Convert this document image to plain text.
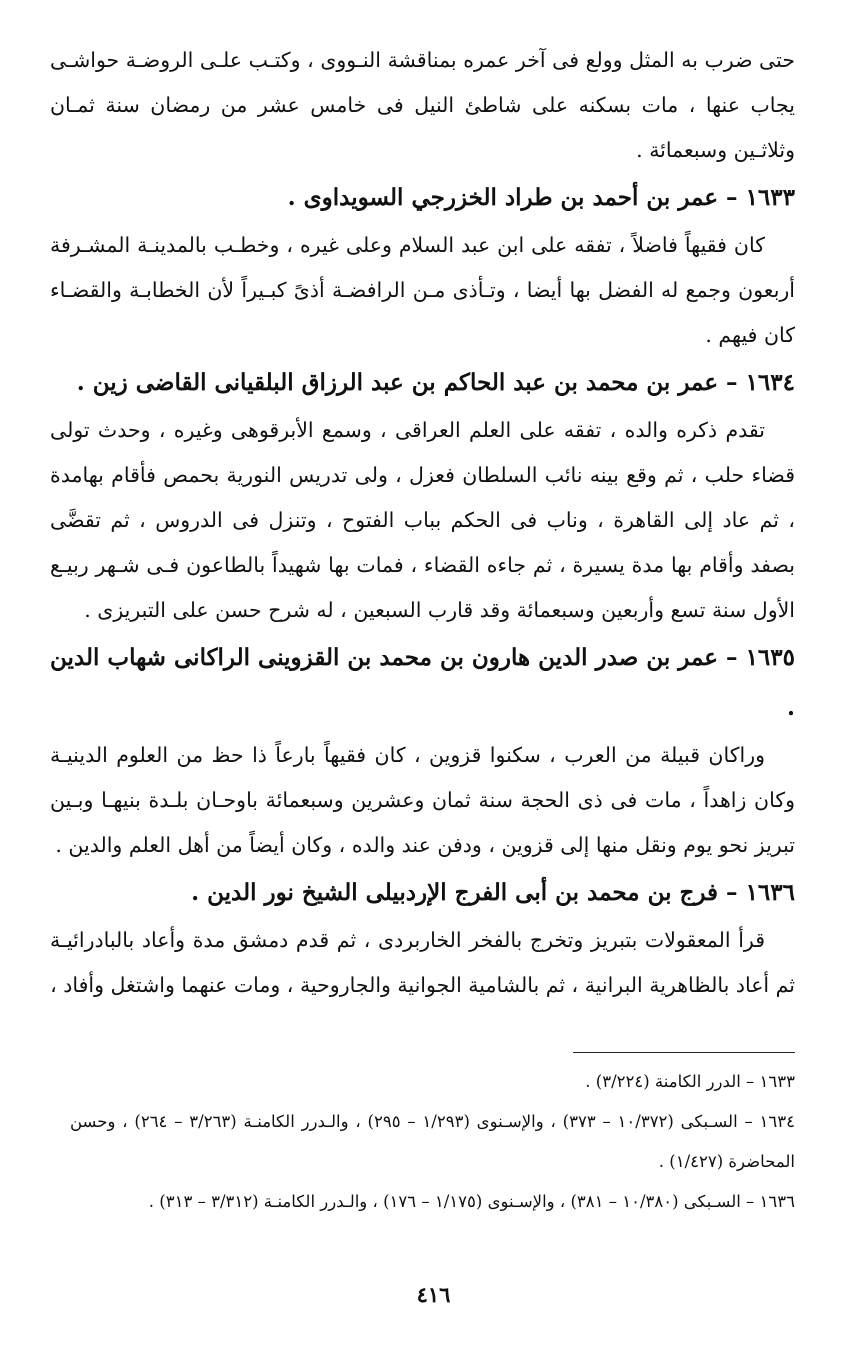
حتى ضرب به المثل وولع فى آخر عمره بمناقشة النـووى ، وكتـب علـى الروضـة حواشـى يجاب عنها ، مات بسكنه على شاطئ النيل فى خامس عشر من رمضان سنة ثمـان وثلاثـين وسبعمائة .

١٦٣٣ – عمر بن أحمد بن طراد الخزرجي السويداوى .

كان فقيهاً فاضلاً ، تفقه على ابن عبد السلام وعلى غيره ، وخطـب بالمدينـة المشـرفة أربعون وجمع له الفضل بها أيضا ، وتـأذى مـن الرافضـة أذىً كبـيراً لأن الخطابـة والقضـاء كان فيهم .

١٦٣٤ – عمر بن محمد بن عبد الحاكم بن عبد الرزاق البلقيانى القاضى زين .

تقدم ذكره والده ، تفقه على العلم العراقى ، وسمع الأبرقوهى وغيره ، وحدث تولى قضاء حلب ، ثم وقع بينه نائب السلطان فعزل ، ولى تدريس النورية بحمص فأقام بهامدة ، ثم عاد إلى القاهرة ، وناب فى الحكم بباب الفتوح ، وتنزل فى الدروس ، ثم تقضَّى بصفد وأقام بها مدة يسيرة ، ثم جاءه القضاء ، فمات بها شهيداً بالطاعون فـى شـهر ربيـع الأول سنة تسع وأربعين وسبعمائة وقد قارب السبعين ، له شرح حسن على التبريزى .

١٦٣٥ – عمر بن صدر الدين هارون بن محمد بن القزوينى الراكانى شهاب الدين .

وراكان قبيلة من العرب ، سكنوا قزوين ، كان فقيهاً بارعاً ذا حظ من العلوم الدينيـة وكان زاهداً ، مات فى ذى الحجة سنة ثمان وعشرين وسبعمائة باوحـان بلـدة بنيهـا وبـين تبريز نحو يوم ونقل منها إلى قزوين ، ودفن عند والده ، وكان أيضاً من أهل العلم والدين .

١٦٣٦ – فرج بن محمد بن أبى الفرج الإردبيلى الشيخ نور الدين .

قرأ المعقولات بتبريز وتخرج بالفخر الخاربردى ، ثم قدم دمشق مدة وأعاد بالبادرائيـة ثم أعاد بالظاهرية البرانية ، ثم بالشامية الجوانية والجاروحية ، ومات عنهما واشتغل وأفاد ،

١٦٣٣ – الدرر الكامنة (٣/٢٢٤) .

١٦٣٤ – السـبكى (١٠/٣٧٢ – ٣٧٣) ، والإسـنوى (١/٢٩٣ – ٢٩٥) ، والـدرر الكامنـة (٣/٢٦٣ – ٢٦٤) ، وحسن المحاضرة (١/٤٢٧) .

١٦٣٦ – السـبكى (١٠/٣٨٠ – ٣٨١) ، والإسـنوى (١/١٧٥ – ١٧٦) ، والـدرر الكامنـة (٣/٣١٢ – ٣١٣) .

٤١٦
